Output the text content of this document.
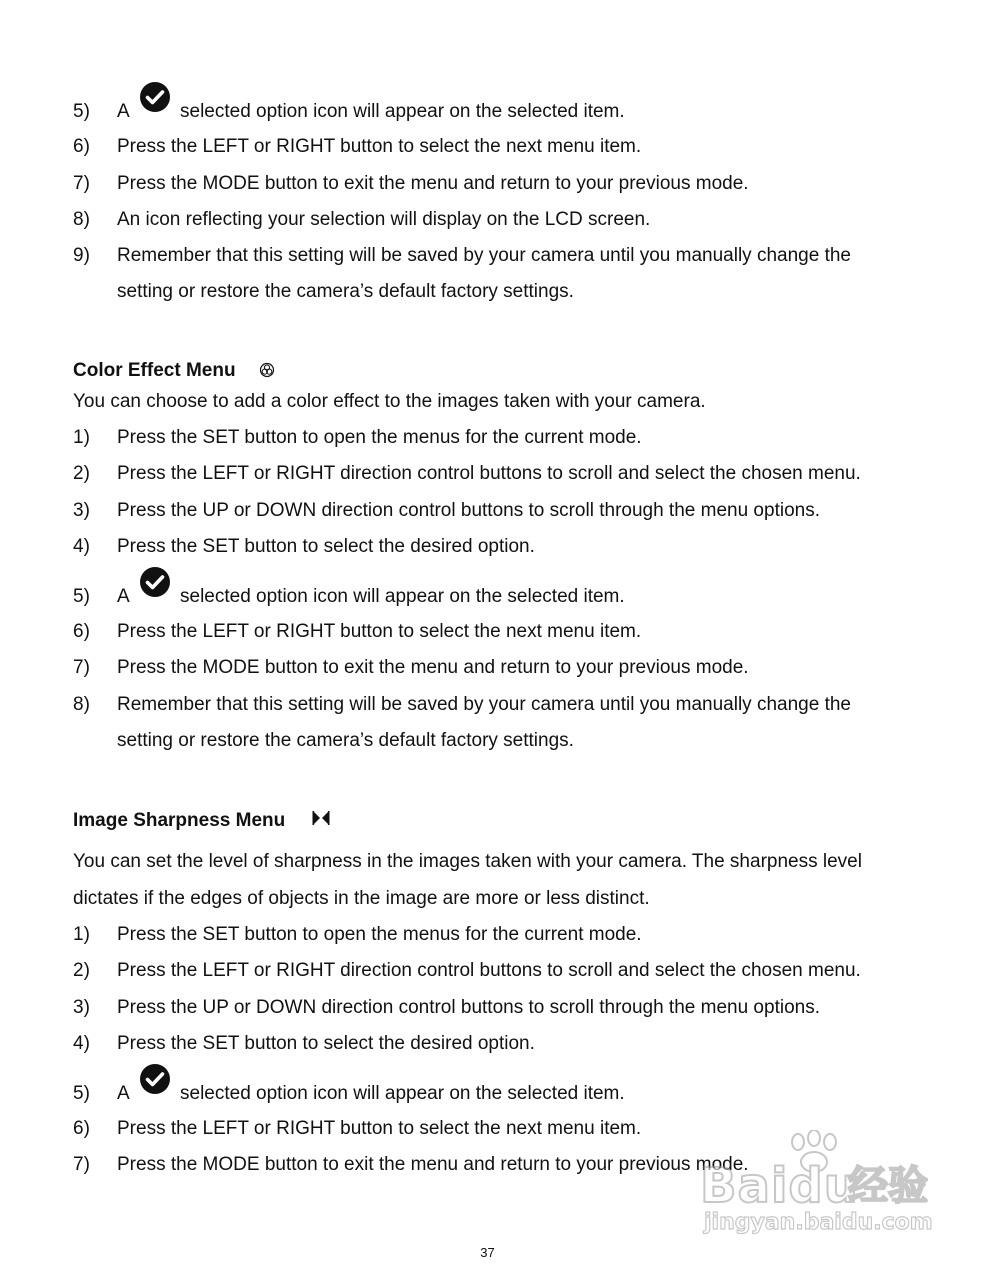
5) A	selected option icon will appear on the selected item.
6) Press the LEFT or RIGHT button to select the next menu item.
7) Press the MODE button to exit the menu and return to your previous mode.
8) An icon reflecting your selection will display on the LCD screen.
9) Remember that this setting will be saved by your camera until you manually change the
setting or restore the camera’s default factory settings.
Color Effect Menu
You can choose to add a color effect to the images taken with your camera.
1) Press the SET button to open the menus for the current mode.
2) Press the LEFT or RIGHT direction control buttons to scroll and select the chosen menu.
3) Press the UP or DOWN direction control buttons to scroll through the menu options.
4) Press the SET button to select the desired option.
5) A	selected option icon will appear on the selected item.
6) Press the LEFT or RIGHT button to select the next menu item.
7) Press the MODE button to exit the menu and return to your previous mode.
8) Remember that this setting will be saved by your camera until you manually change the
setting or restore the camera’s default factory settings.
Image Sharpness Menu
You can set the level of sharpness in the images taken with your camera. The sharpness level
dictates if the edges of objects in the image are more or less distinct.
1) Press the SET button to open the menus for the current mode.
2) Press the LEFT or RIGHT direction control buttons to scroll and select the chosen menu.
3) Press the UP or DOWN direction control buttons to scroll through the menu options.
4) Press the SET button to select the desired option.
5) A	selected option icon will appear on the selected item.
6) Press the LEFT or RIGHT button to select the next menu item.
7) Press the MODE button to exit the menu and return to your previous mode.
Baidu
经验
jingyan.baidu.com
37
